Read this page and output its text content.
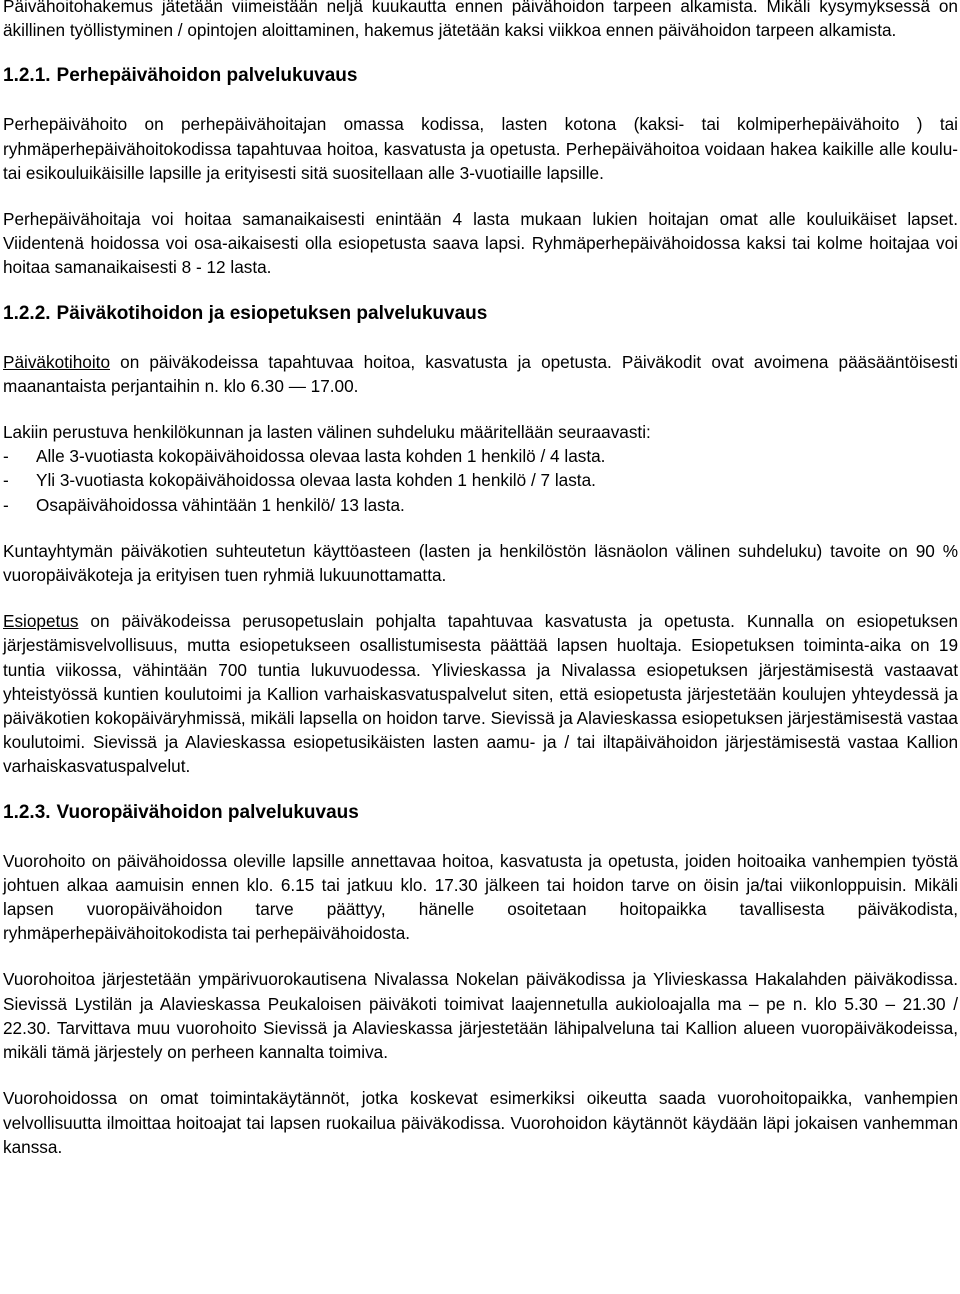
Päivähoitohakemus jätetään viimeistään neljä kuukautta ennen päivähoidon tarpeen alkamista. Mikäli kysymyksessä on äkillinen työllistyminen / opintojen aloittaminen, hakemus jätetään kaksi viikkoa ennen päivähoidon tarpeen alkamista.

1.2.1. Perhepäivähoidon palvelukuvaus

Perhepäivähoito on perhepäivähoitajan omassa kodissa, lasten kotona (kaksi- tai kolmiperhepäivähoito ) tai ryhmäperhepäivähoitokodissa tapahtuvaa hoitoa, kasvatusta ja opetusta. Perhepäivähoitoa voidaan hakea kaikille alle koulu- tai esikouluikäisille lapsille ja erityisesti sitä suositellaan alle 3-vuotiaille lapsille.

Perhepäivähoitaja voi hoitaa samanaikaisesti enintään 4 lasta mukaan lukien hoitajan omat alle kouluikäiset lapset. Viidentenä hoidossa voi osa-aikaisesti olla esiopetusta saava lapsi. Ryhmäperhepäivähoidossa kaksi tai kolme hoitajaa voi hoitaa samanaikaisesti 8 - 12 lasta.

1.2.2. Päiväkotihoidon ja esiopetuksen palvelukuvaus

Päiväkotihoito on päiväkodeissa tapahtuvaa hoitoa, kasvatusta ja opetusta. Päiväkodit ovat avoimena pääsääntöisesti maanantaista perjantaihin n. klo 6.30 — 17.00.

Lakiin perustuva henkilökunnan ja lasten välinen suhdeluku määritellään seuraavasti:

- Alle 3-vuotiasta kokopäivähoidossa olevaa lasta kohden 1 henkilö / 4 lasta.
- Yli 3-vuotiasta kokopäivähoidossa olevaa lasta kohden 1 henkilö / 7 lasta.
- Osapäivähoidossa vähintään 1 henkilö/ 13 lasta.

Kuntayhtymän päiväkotien suhteutetun käyttöasteen (lasten ja henkilöstön läsnäolon välinen suhdeluku) tavoite on 90 % vuoropäiväkoteja ja erityisen tuen ryhmiä lukuunottamatta.

Esiopetus on päiväkodeissa perusopetuslain pohjalta tapahtuvaa kasvatusta ja opetusta. Kunnalla on esiopetuksen järjestämisvelvollisuus, mutta esiopetukseen osallistumisesta päättää lapsen huoltaja. Esiopetuksen toiminta-aika on 19 tuntia viikossa, vähintään 700 tuntia lukuvuodessa. Ylivieskassa ja Nivalassa esiopetuksen järjestämisestä vastaavat yhteistyössä kuntien koulutoimi ja Kallion varhaiskasvatuspalvelut siten, että esiopetusta järjestetään koulujen yhteydessä ja päiväkotien kokopäiväryhmissä, mikäli lapsella on hoidon tarve. Sievissä ja Alavieskassa esiopetuksen järjestämisestä vastaa koulutoimi. Sievissä ja Alavieskassa esiopetusikäisten lasten aamu- ja / tai iltapäivähoidon järjestämisestä vastaa Kallion varhaiskasvatuspalvelut.

1.2.3. Vuoropäivähoidon palvelukuvaus

Vuorohoito on päivähoidossa oleville lapsille annettavaa hoitoa, kasvatusta ja opetusta, joiden hoitoaika vanhempien työstä johtuen alkaa aamuisin ennen klo. 6.15 tai jatkuu klo. 17.30 jälkeen tai hoidon tarve on öisin ja/tai viikonloppuisin. Mikäli lapsen vuoropäivähoidon tarve päättyy, hänelle osoitetaan hoitopaikka tavallisesta päiväkodista, ryhmäperhepäivähoitokodista tai perhepäivähoidosta.

Vuorohoitoa järjestetään ympärivuorokautisena Nivalassa Nokelan päiväkodissa ja Ylivieskassa Hakalahden päiväkodissa. Sievissä Lystilän ja Alavieskassa Peukaloisen päiväkoti toimivat laajennetulla aukioloajalla ma – pe n. klo 5.30 – 21.30 / 22.30. Tarvittava muu vuorohoito Sievissä ja Alavieskassa järjestetään lähipalveluna tai Kallion alueen vuoropäiväkodeissa, mikäli tämä järjestely on perheen kannalta toimiva.

Vuorohoidossa on omat toimintakäytännöt, jotka koskevat esimerkiksi oikeutta saada vuorohoitopaikka, vanhempien velvollisuutta ilmoittaa hoitoajat tai lapsen ruokailua päiväkodissa. Vuorohoidon käytännöt käydään läpi jokaisen vanhemman kanssa.
